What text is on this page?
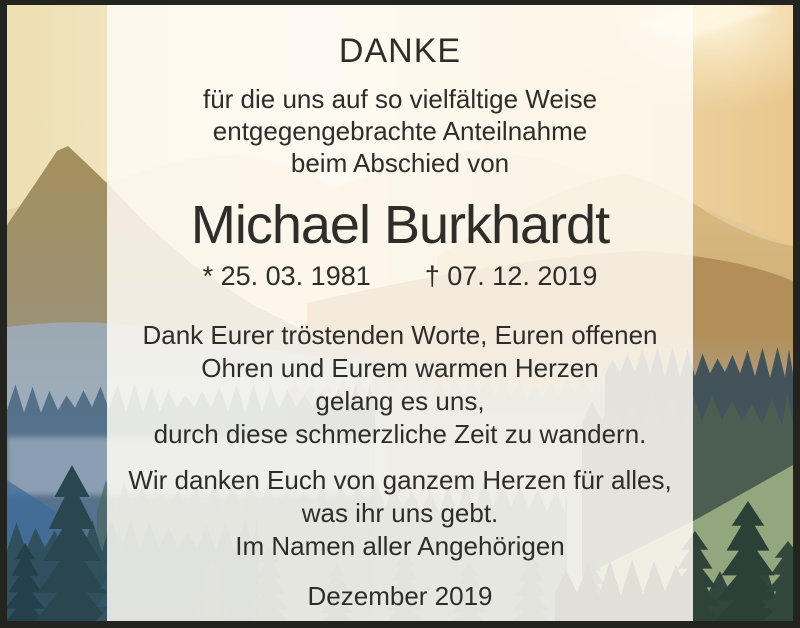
DANKE
für die uns auf so vielfältige Weise
entgegengebrachte Anteilnahme
beim Abschied von
Michael Burkhardt
* 25. 03. 1981 † 07. 12. 2019
Dank Eurer tröstenden Worte, Euren offenen
Ohren und Eurem warmen Herzen
gelang es uns,
durch diese schmerzliche Zeit zu wandern.
Wir danken Euch von ganzem Herzen für alles,
was ihr uns gebt.
Im Namen aller Angehörigen
Dezember 2019
